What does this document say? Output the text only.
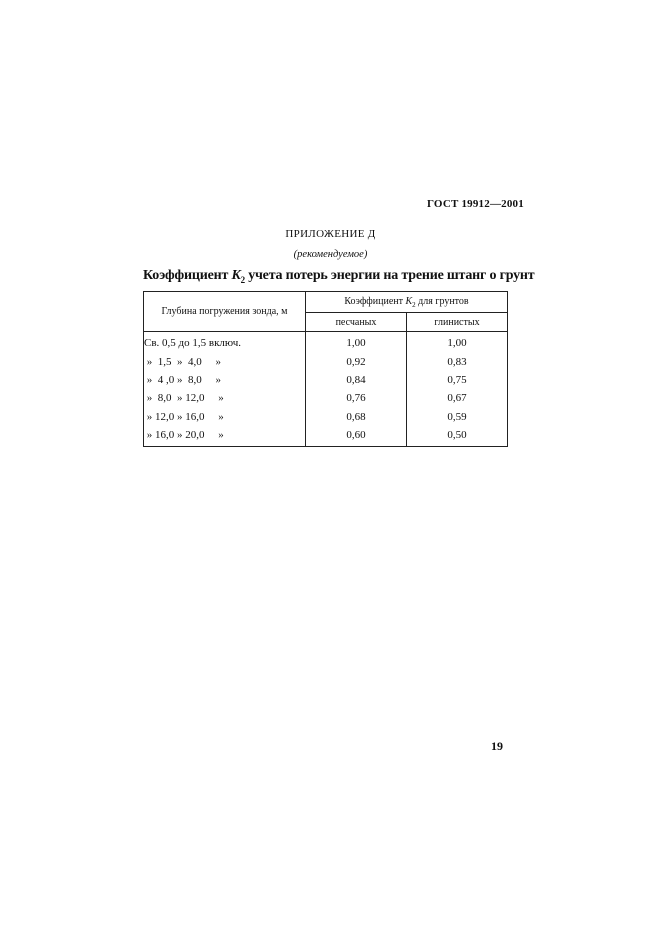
ГОСТ 19912—2001
ПРИЛОЖЕНИЕ Д
(рекомендуемое)
Коэффициент $K_2$ учета потерь энергии на трение штанг о грунт
Глубина погружения зонда, м	Коэффициент $K_2$ для грунтов	
	песчаных	глинистых
Св. 0,5 до 1,5 включ.	1,00	1,00
»  1,5  »  4,0     »	0,92	0,83
»  4 ,0 »  8,0     »	0,84	0,75
»  8,0  » 12,0     »	0,76	0,67
» 12,0 » 16,0     »	0,68	0,59
» 16,0 » 20,0     »	0,60	0,50
19
